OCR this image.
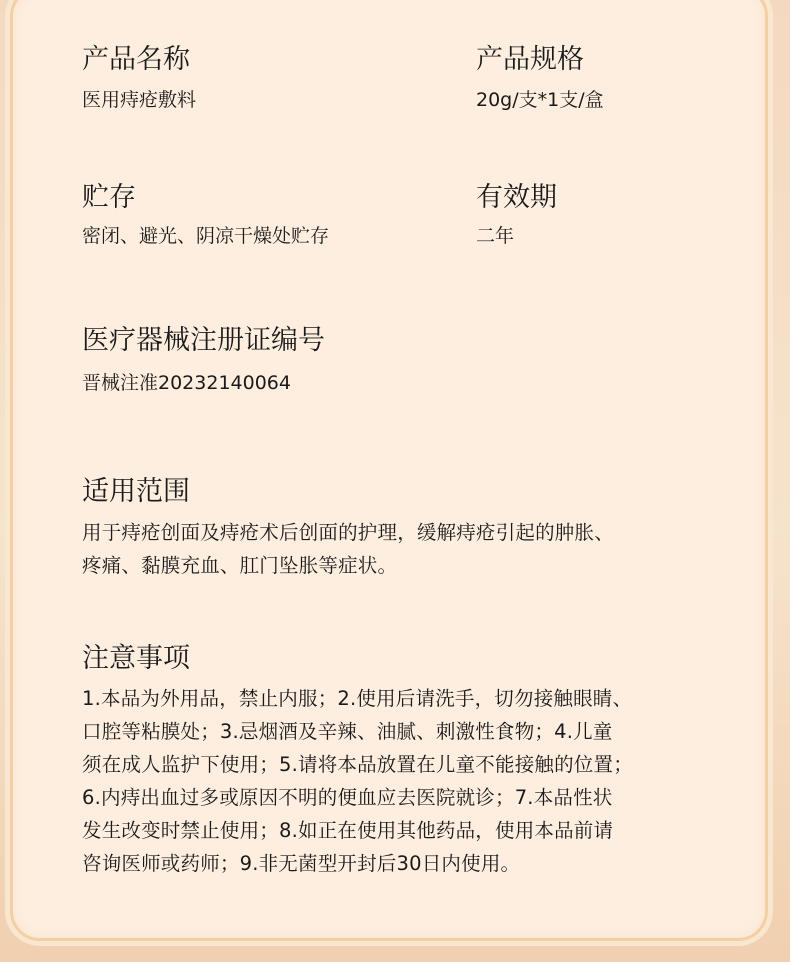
产品名称
医用痔疮敷料
产品规格
20g/支*1支/盒
贮存
密闭、避光、阴凉干燥处贮存
有效期
二年
医疗器械注册证编号
晋械注准20232140064
适用范围
用于痔疮创面及痔疮术后创面的护理，缓解痔疮引起的肿胀、
疼痛、黏膜充血、肛门坠胀等症状。
注意事项
1.本品为外用品，禁止内服；2.使用后请洗手，切勿接触眼睛、
口腔等粘膜处；3.忌烟酒及辛辣、油腻、刺激性食物；4.儿童
须在成人监护下使用；5.请将本品放置在儿童不能接触的位置；
6.内痔出血过多或原因不明的便血应去医院就诊；7.本品性状
发生改变时禁止使用；8.如正在使用其他药品，使用本品前请
咨询医师或药师；9.非无菌型开封后30日内使用。
